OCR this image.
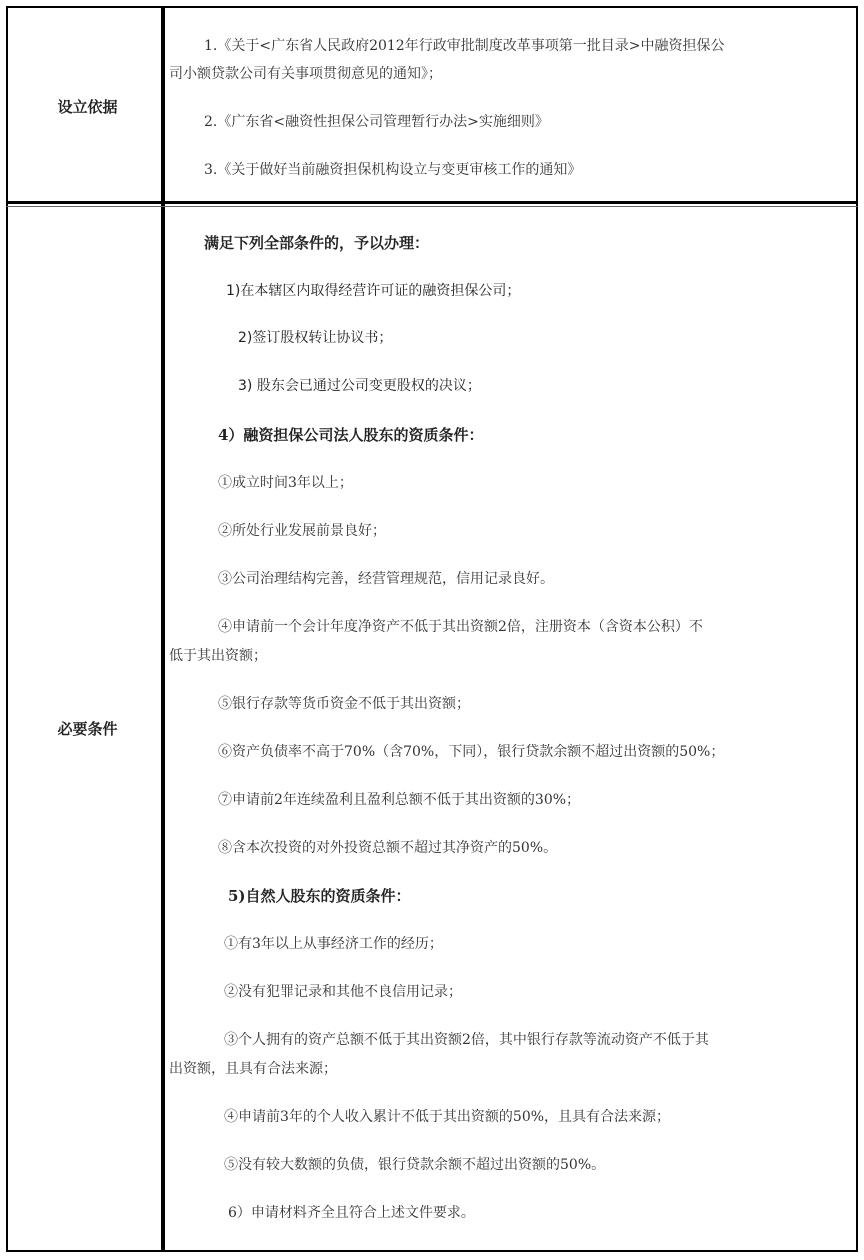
设立依据
1.《关于<广东省人民政府2012年行政审批制度改革事项第一批目录>中融资担保公
司小额贷款公司有关事项贯彻意见的通知》；
2.《广东省<融资性担保公司管理暂行办法>实施细则》
3.《关于做好当前融资担保机构设立与变更审核工作的通知》
必要条件
满足下列全部条件的，予以办理：
1)在本辖区内取得经营许可证的融资担保公司；
2)签订股权转让协议书；
3) 股东会已通过公司变更股权的决议；
4）融资担保公司法人股东的资质条件：
①成立时间3年以上；
②所处行业发展前景良好；
③公司治理结构完善，经营管理规范，信用记录良好。
④申请前一个会计年度净资产不低于其出资额2倍，注册资本（含资本公积）不
低于其出资额；
⑤银行存款等货币资金不低于其出资额；
⑥资产负债率不高于70%（含70%，下同），银行贷款余额不超过出资额的50%；
⑦申请前2年连续盈利且盈利总额不低于其出资额的30%；
⑧含本次投资的对外投资总额不超过其净资产的50%。
5)自然人股东的资质条件：
①有3年以上从事经济工作的经历；
②没有犯罪记录和其他不良信用记录；
③个人拥有的资产总额不低于其出资额2倍，其中银行存款等流动资产不低于其
出资额，且具有合法来源；
④申请前3年的个人收入累计不低于其出资额的50%，且具有合法来源；
⑤没有较大数额的负债，银行贷款余额不超过出资额的50%。
6）申请材料齐全且符合上述文件要求。
